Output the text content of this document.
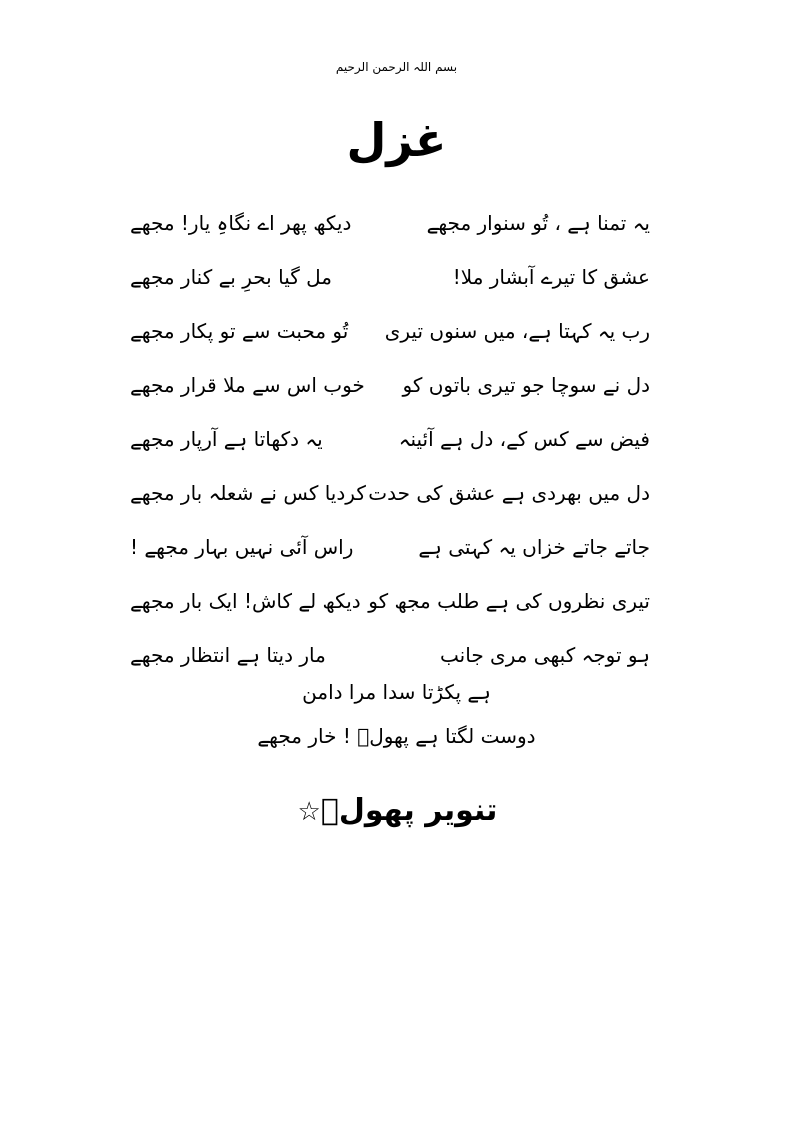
بسم اللہ الرحمن الرحیم
غزل
دیکھ پھر اے نگاہِ یار! مجھے	یہ تمنا ہے ، تُو سنوار مجھے
مل گیا بحرِ بے کنار مجھے	عشق کا تیرے آبشار ملا!
تُو محبت سے تو پکار مجھے رب یہ کہتا ہے، میں سنوں تیری
خوب اس سے ملا قرار مجھے دل نے سوچا جو تیری باتوں کو
یہ دکھاتا ہے آرپار مجھے	فیض سے کس کے، دل ہے آئینہ
کردیا کس نے شعلہ بار مجھے دل میں بھردی ہے عشق کی حدت
راس آئی نہیں بہار مجھے !	جاتے جاتے خزاں یہ کہتی ہے
دیکھ لے کاش! ایک بار مجھے تیری نظروں کی ہے طلب مجھ کو
مار دیتا ہے انتظار مجھے	ہو توجہ کبھی مری جانب
ہے پکڑتا سدا مرا دامن
دوست لگتا ہے پھولؔ ! خار مجھے
تنویر پھولؔ☆
